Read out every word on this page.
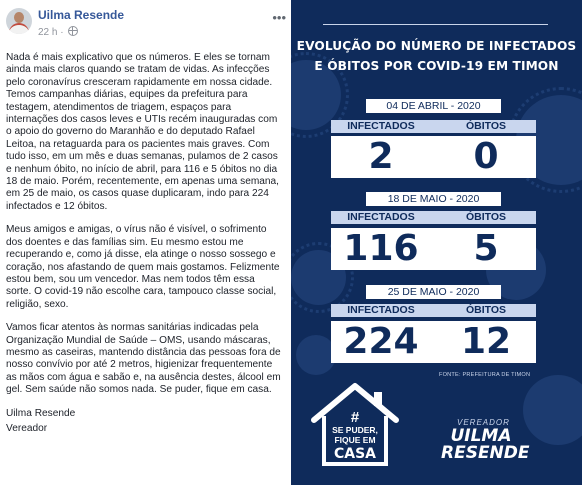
Uilma Resende
22 h ·
•••

Nada é mais explicativo que os números. E eles se tornam ainda mais claros quando se tratam de vidas. As infecções pelo coronavírus cresceram rapidamente em nossa cidade. Temos campanhas diárias, equipes da prefeitura para testagem, atendimentos de triagem, espaços para internações dos casos leves e UTIs recém inauguradas com o apoio do governo do Maranhão e do deputado Rafael Leitoa, na retaguarda para os pacientes mais graves. Com tudo isso, em um mês e duas semanas, pulamos de 2 casos e nenhum óbito, no início de abril, para 116 e 5 óbitos no dia 18 de maio. Porém, recentemente, em apenas uma semana, em 25 de maio, os casos quase duplicaram, indo para 224 infectados e 12 óbitos.

Meus amigos e amigas, o vírus não é visível, o sofrimento dos doentes e das famílias sim. Eu mesmo estou me recuperando e, como já disse, ela atinge o nosso sossego e coração, nos afastando de quem mais gostamos. Felizmente estou bem, sou um vencedor. Mas nem todos têm essa sorte. O covid-19 não escolhe cara, tampouco classe social, religião, sexo.

Vamos ficar atentos às normas sanitárias indicadas pela Organização Mundial de Saúde – OMS, usando máscaras, mesmo as caseiras, mantendo distância das pessoas fora de nosso convívio por até 2 metros, higienizar frequentemente as mãos com água e sabão e, na ausência destes, álcool em gel. Sem saúde não somos nada. Se puder, fique em casa.

Uilma Resende

Vereador

EVOLUÇÃO DO NÚMERO DE INFECTADOS
E ÓBITOS POR COVID-19 EM TIMON
04 DE ABRIL - 2020
INFECTADOS	ÓBITOS
2	0
18 DE MAIO - 2020
INFECTADOS	ÓBITOS
116	5
25 DE MAIO - 2020
INFECTADOS	ÓBITOS
224	12
FONTE: PREFEITURA DE TIMON
#
SE PUDER,
FIQUE EM
CASA
VEREADOR
UILMA
RESENDE
